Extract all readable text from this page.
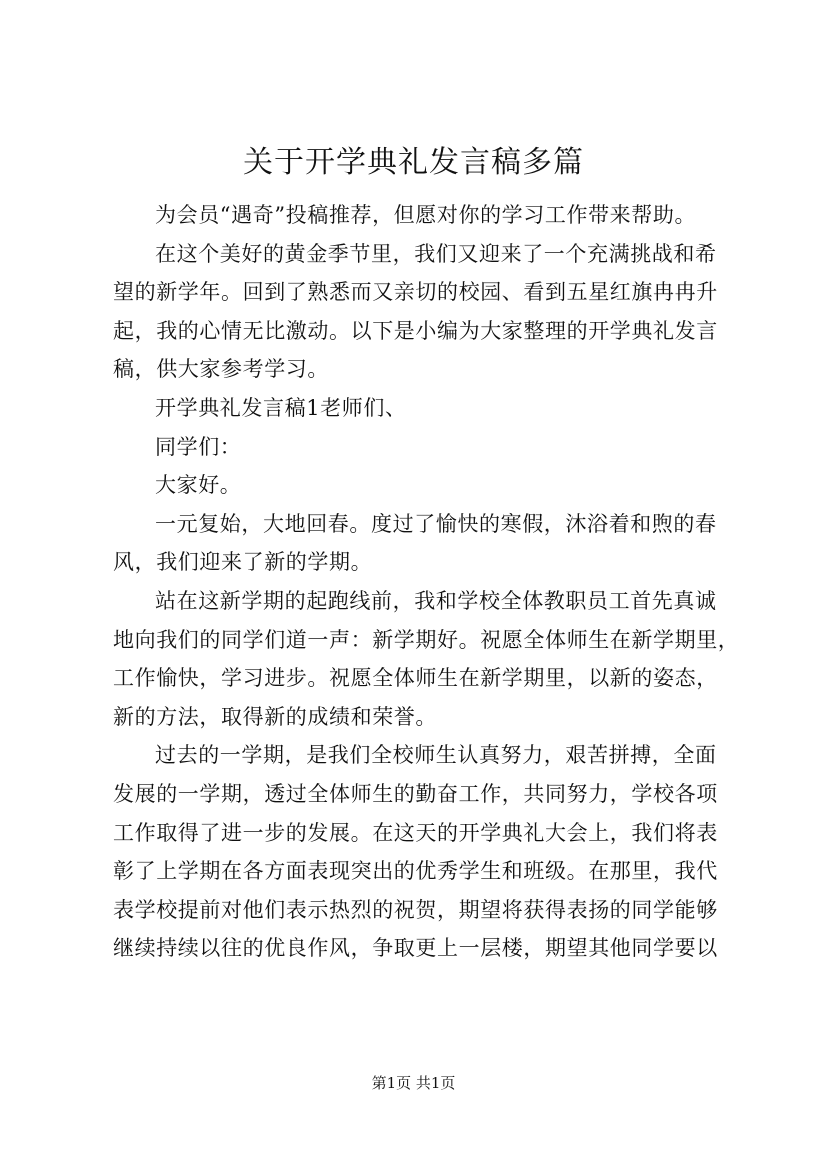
关于开学典礼发言稿多篇
为会员“遇奇”投稿推荐，但愿对你的学习工作带来帮助。
在这个美好的黄金季节里，我们又迎来了一个充满挑战和希
望的新学年。回到了熟悉而又亲切的校园、看到五星红旗冉冉升
起，我的心情无比激动。以下是小编为大家整理的开学典礼发言
稿，供大家参考学习。
开学典礼发言稿1老师们、
同学们：
大家好。
一元复始，大地回春。度过了愉快的寒假，沐浴着和煦的春
风，我们迎来了新的学期。
站在这新学期的起跑线前，我和学校全体教职员工首先真诚
地向我们的同学们道一声：新学期好。祝愿全体师生在新学期里，
工作愉快，学习进步。祝愿全体师生在新学期里，以新的姿态，
新的方法，取得新的成绩和荣誉。
过去的一学期，是我们全校师生认真努力，艰苦拼搏，全面
发展的一学期，透过全体师生的勤奋工作，共同努力，学校各项
工作取得了进一步的发展。在这天的开学典礼大会上，我们将表
彰了上学期在各方面表现突出的优秀学生和班级。在那里，我代
表学校提前对他们表示热烈的祝贺，期望将获得表扬的同学能够
继续持续以往的优良作风，争取更上一层楼，期望其他同学要以
第1页 共1页
